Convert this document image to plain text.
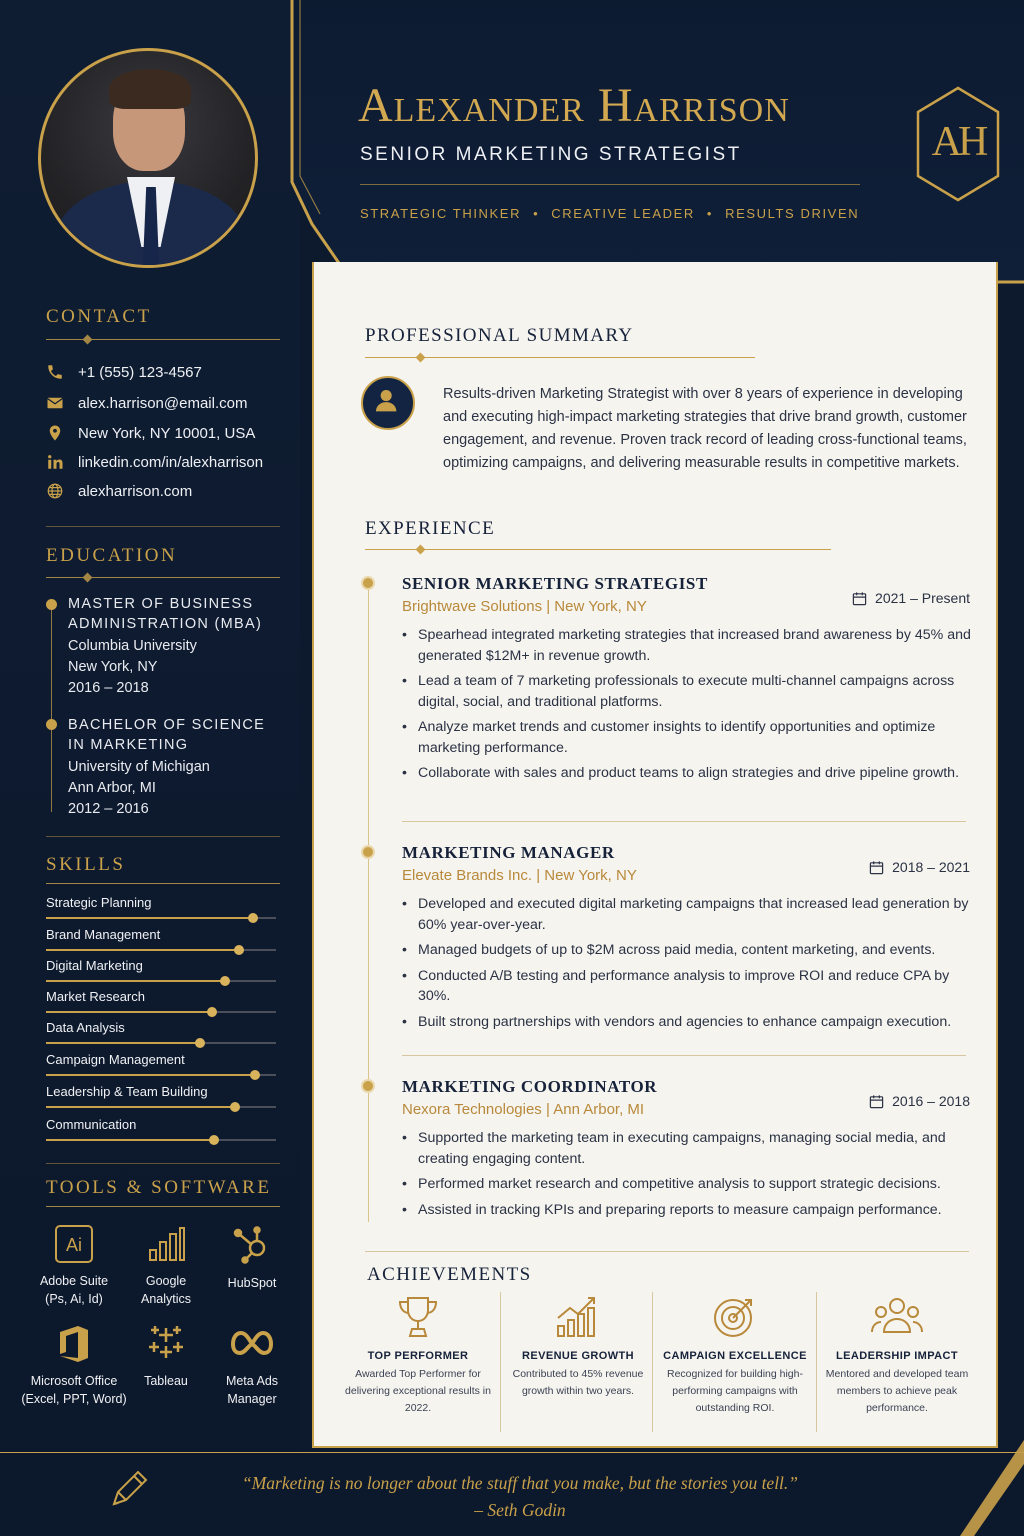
CONTACT
+1 (555) 123-4567
alex.harrison@email.com
New York, NY 10001, USA
linkedin.com/in/alexharrison
alexharrison.com
EDUCATION
MASTER OF BUSINESS
ADMINISTRATION (MBA)
Columbia University
New York, NY
2016 – 2018
BACHELOR OF SCIENCE
IN MARKETING
University of Michigan
Ann Arbor, MI
2012 – 2016
SKILLS
Strategic Planning
Brand Management
Digital Marketing
Market Research
Data Analysis
Campaign Management
Leadership & Team Building
Communication
TOOLS & SOFTWARE
Ai
Adobe Suite
(Ps, Ai, Id)
Google
Analytics
HubSpot
Microsoft Office
(Excel, PPT, Word)
Tableau	Meta Ads
Manager
Alexander Harrison
SENIOR MARKETING STRATEGIST
STRATEGIC THINKER • CREATIVE LEADER • RESULTS DRIVEN
AH
PROFESSIONAL SUMMARY
Results-driven Marketing Strategist with over 8 years of experience in developing and executing high-impact marketing strategies that drive brand growth, customer engagement, and revenue. Proven track record of leading cross-functional teams, optimizing campaigns, and delivering measurable results in competitive markets.
EXPERIENCE
SENIOR MARKETING STRATEGIST
Brightwave Solutions | New York, NY	2021 – Present
• Spearhead integrated marketing strategies that increased brand awareness by 45% and generated $12M+ in revenue growth.
• Lead a team of 7 marketing professionals to execute multi-channel campaigns across digital, social, and traditional platforms.
• Analyze market trends and customer insights to identify opportunities and optimize marketing performance.
• Collaborate with sales and product teams to align strategies and drive pipeline growth.
MARKETING MANAGER
Elevate Brands Inc. | New York, NY	2018 – 2021
• Developed and executed digital marketing campaigns that increased lead generation by 60% year-over-year.
• Managed budgets of up to $2M across paid media, content marketing, and events.
• Conducted A/B testing and performance analysis to improve ROI and reduce CPA by 30%.
• Built strong partnerships with vendors and agencies to enhance campaign execution.
MARKETING COORDINATOR
Nexora Technologies | Ann Arbor, MI	2016 – 2018
• Supported the marketing team in executing campaigns, managing social media, and creating engaging content.
• Performed market research and competitive analysis to support strategic decisions.
• Assisted in tracking KPIs and preparing reports to measure campaign performance.
ACHIEVEMENTS
TOP PERFORMER
Awarded Top Performer for delivering exceptional results in 2022.
REVENUE GROWTH
Contributed to 45% revenue growth within two years.
CAMPAIGN EXCELLENCE
Recognized for building high-performing campaigns with outstanding ROI.
LEADERSHIP IMPACT
Mentored and developed team members to achieve peak performance.
“Marketing is no longer about the stuff that you make, but the stories you tell.”
– Seth Godin
